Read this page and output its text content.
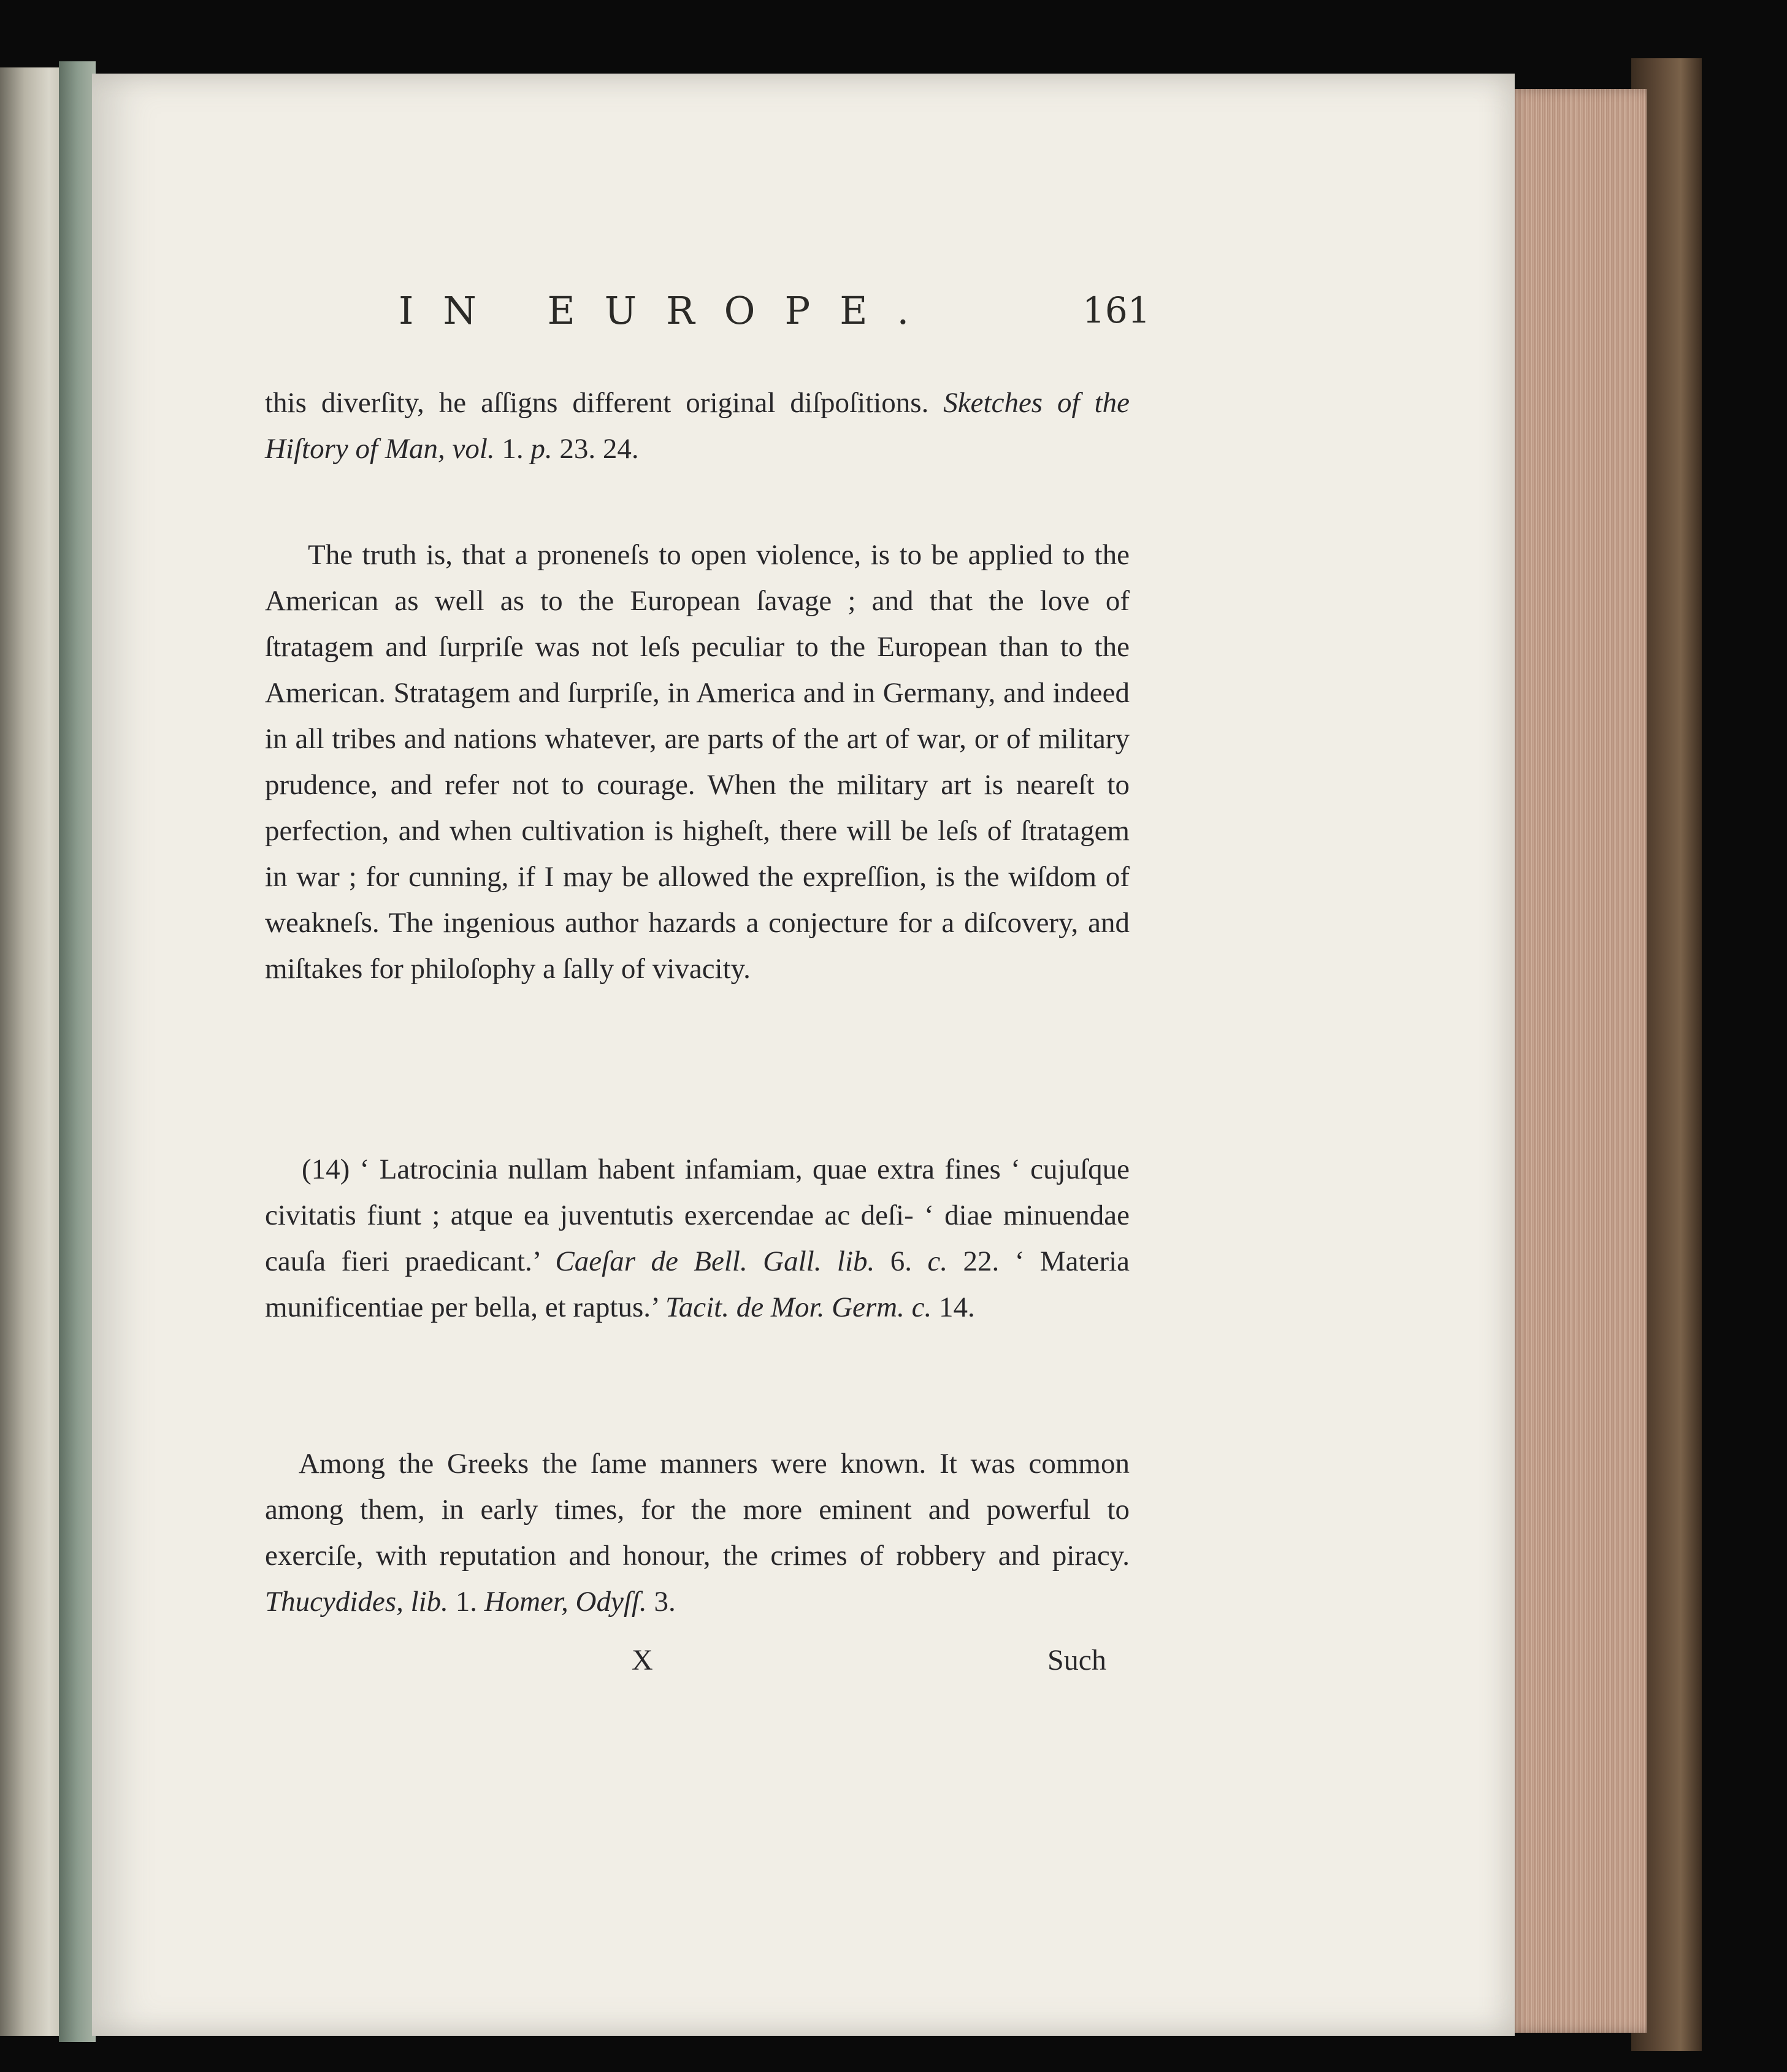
IN EUROPE.	161

this diverſity, he aſſigns different original diſpoſitions. Sketches of the Hiſtory of Man, vol. 1. p. 23. 24.

The truth is, that a proneneſs to open violence, is to be applied to the American as well as to the European ſavage ; and that the love of ſtratagem and ſurpriſe was not leſs peculiar to the European than to the American. Stratagem and ſurpriſe, in America and in Germany, and indeed in all tribes and nations whatever, are parts of the art of war, or of military prudence, and refer not to courage. When the military art is neareſt to perfection, and when cultivation is higheſt, there will be leſs of ſtratagem in war ; for cunning, if I may be allowed the expreſſion, is the wiſdom of weakneſs. The ingenious author hazards a conjecture for a diſcovery, and miſtakes for philoſophy a ſally of vivacity.

(14) ‘ Latrocinia nullam habent infamiam, quae extra fines ‘ cujuſque civitatis fiunt ; atque ea juventutis exercendae ac deſi- ‘ diae minuendae cauſa fieri praedicant.’ Caeſar de Bell. Gall. lib. 6. c. 22. ‘ Materia munificentiae per bella, et raptus.’ Tacit. de Mor. Germ. c. 14.

Among the Greeks the ſame manners were known. It was common among them, in early times, for the more eminent and powerful to exerciſe, with reputation and honour, the crimes of robbery and piracy. Thucydides, lib. 1. Homer, Odyſſ. 3.

X	Such
